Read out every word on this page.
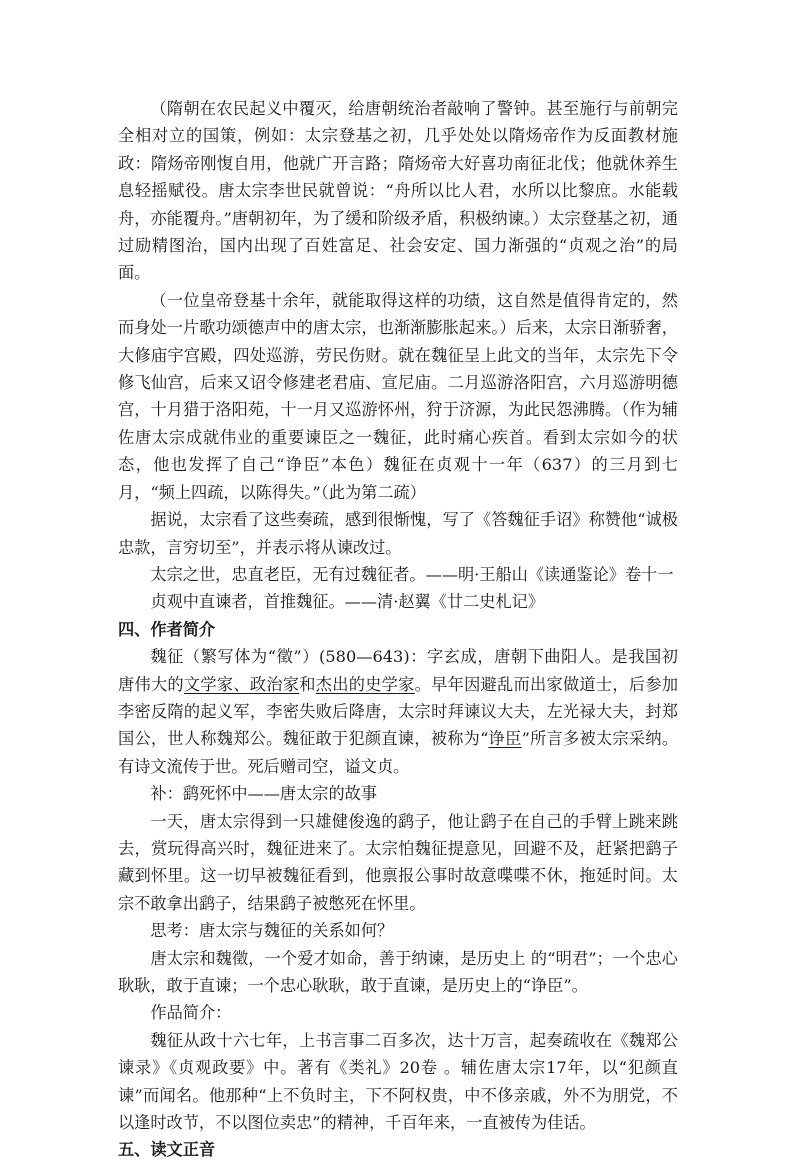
（隋朝在农民起义中覆灭，给唐朝统治者敲响了警钟。甚至施行与前朝完全相对立的国策，例如：太宗登基之初，几乎处处以隋炀帝作为反面教材施政：隋炀帝刚愎自用，他就广开言路；隋炀帝大好喜功南征北伐；他就休养生息轻摇赋役。唐太宗李世民就曾说：“舟所以比人君，水所以比黎庶。水能载舟，亦能覆舟。”唐朝初年，为了缓和阶级矛盾，积极纳谏。）太宗登基之初，通过励精图治，国内出现了百姓富足、社会安定、国力渐强的“贞观之治”的局面。

（一位皇帝登基十余年，就能取得这样的功绩，这自然是值得肯定的，然而身处一片歌功颂德声中的唐太宗，也渐渐膨胀起来。）后来，太宗日渐骄奢，大修庙宇宫殿，四处巡游，劳民伤财。就在魏征呈上此文的当年，太宗先下令修飞仙宫，后来又诏令修建老君庙、宣尼庙。二月巡游洛阳宫，六月巡游明德宫，十月猎于洛阳苑，十一月又巡游怀州，狩于济源，为此民怨沸腾。（作为辅佐唐太宗成就伟业的重要谏臣之一魏征，此时痛心疾首。看到太宗如今的状态，他也发挥了自己“诤臣”本色）魏征在贞观十一年（637）的三月到七月，“频上四疏，以陈得失。”（此为第二疏）

据说，太宗看了这些奏疏，感到很惭愧，写了《答魏征手诏》称赞他“诚极忠款，言穷切至”，并表示将从谏改过。

太宗之世，忠直老臣，无有过魏征者。——明·王船山《读通鉴论》卷十一

贞观中直谏者，首推魏征。——清·赵翼《廿二史札记》

四、作者简介

魏征（繁写体为“徵”）(580—643)：字玄成，唐朝下曲阳人。是我国初唐伟大的文学家、政治家和杰出的史学家。早年因避乱而出家做道士，后参加李密反隋的起义军，李密失败后降唐，太宗时拜谏议大夫，左光禄大夫，封郑国公，世人称魏郑公。魏征敢于犯颜直谏，被称为“诤臣”所言多被太宗采纳。有诗文流传于世。死后赠司空，谥文贞。

补：鹞死怀中——唐太宗的故事

一天，唐太宗得到一只雄健俊逸的鹞子，他让鹞子在自己的手臂上跳来跳去，赏玩得高兴时，魏征进来了。太宗怕魏征提意见，回避不及，赶紧把鹞子藏到怀里。这一切早被魏征看到，他禀报公事时故意喋喋不休，拖延时间。太宗不敢拿出鹞子，结果鹞子被憋死在怀里。

思考：唐太宗与魏征的关系如何？

唐太宗和魏徵，一个爱才如命，善于纳谏，是历史上 的“明君”；一个忠心耿耿，敢于直谏；一个忠心耿耿，敢于直谏，是历史上的“诤臣”。

作品简介：

魏征从政十六七年，上书言事二百多次，达十万言，起奏疏收在《魏郑公谏录》《贞观政要》中。著有《类礼》20卷 。辅佐唐太宗17年，以“犯颜直谏”而闻名。他那种“上不负时主，下不阿权贵，中不侈亲戚，外不为朋党，不以逢时改节，不以图位卖忠”的精神，千百年来，一直被传为佳话。

五、读文正音
